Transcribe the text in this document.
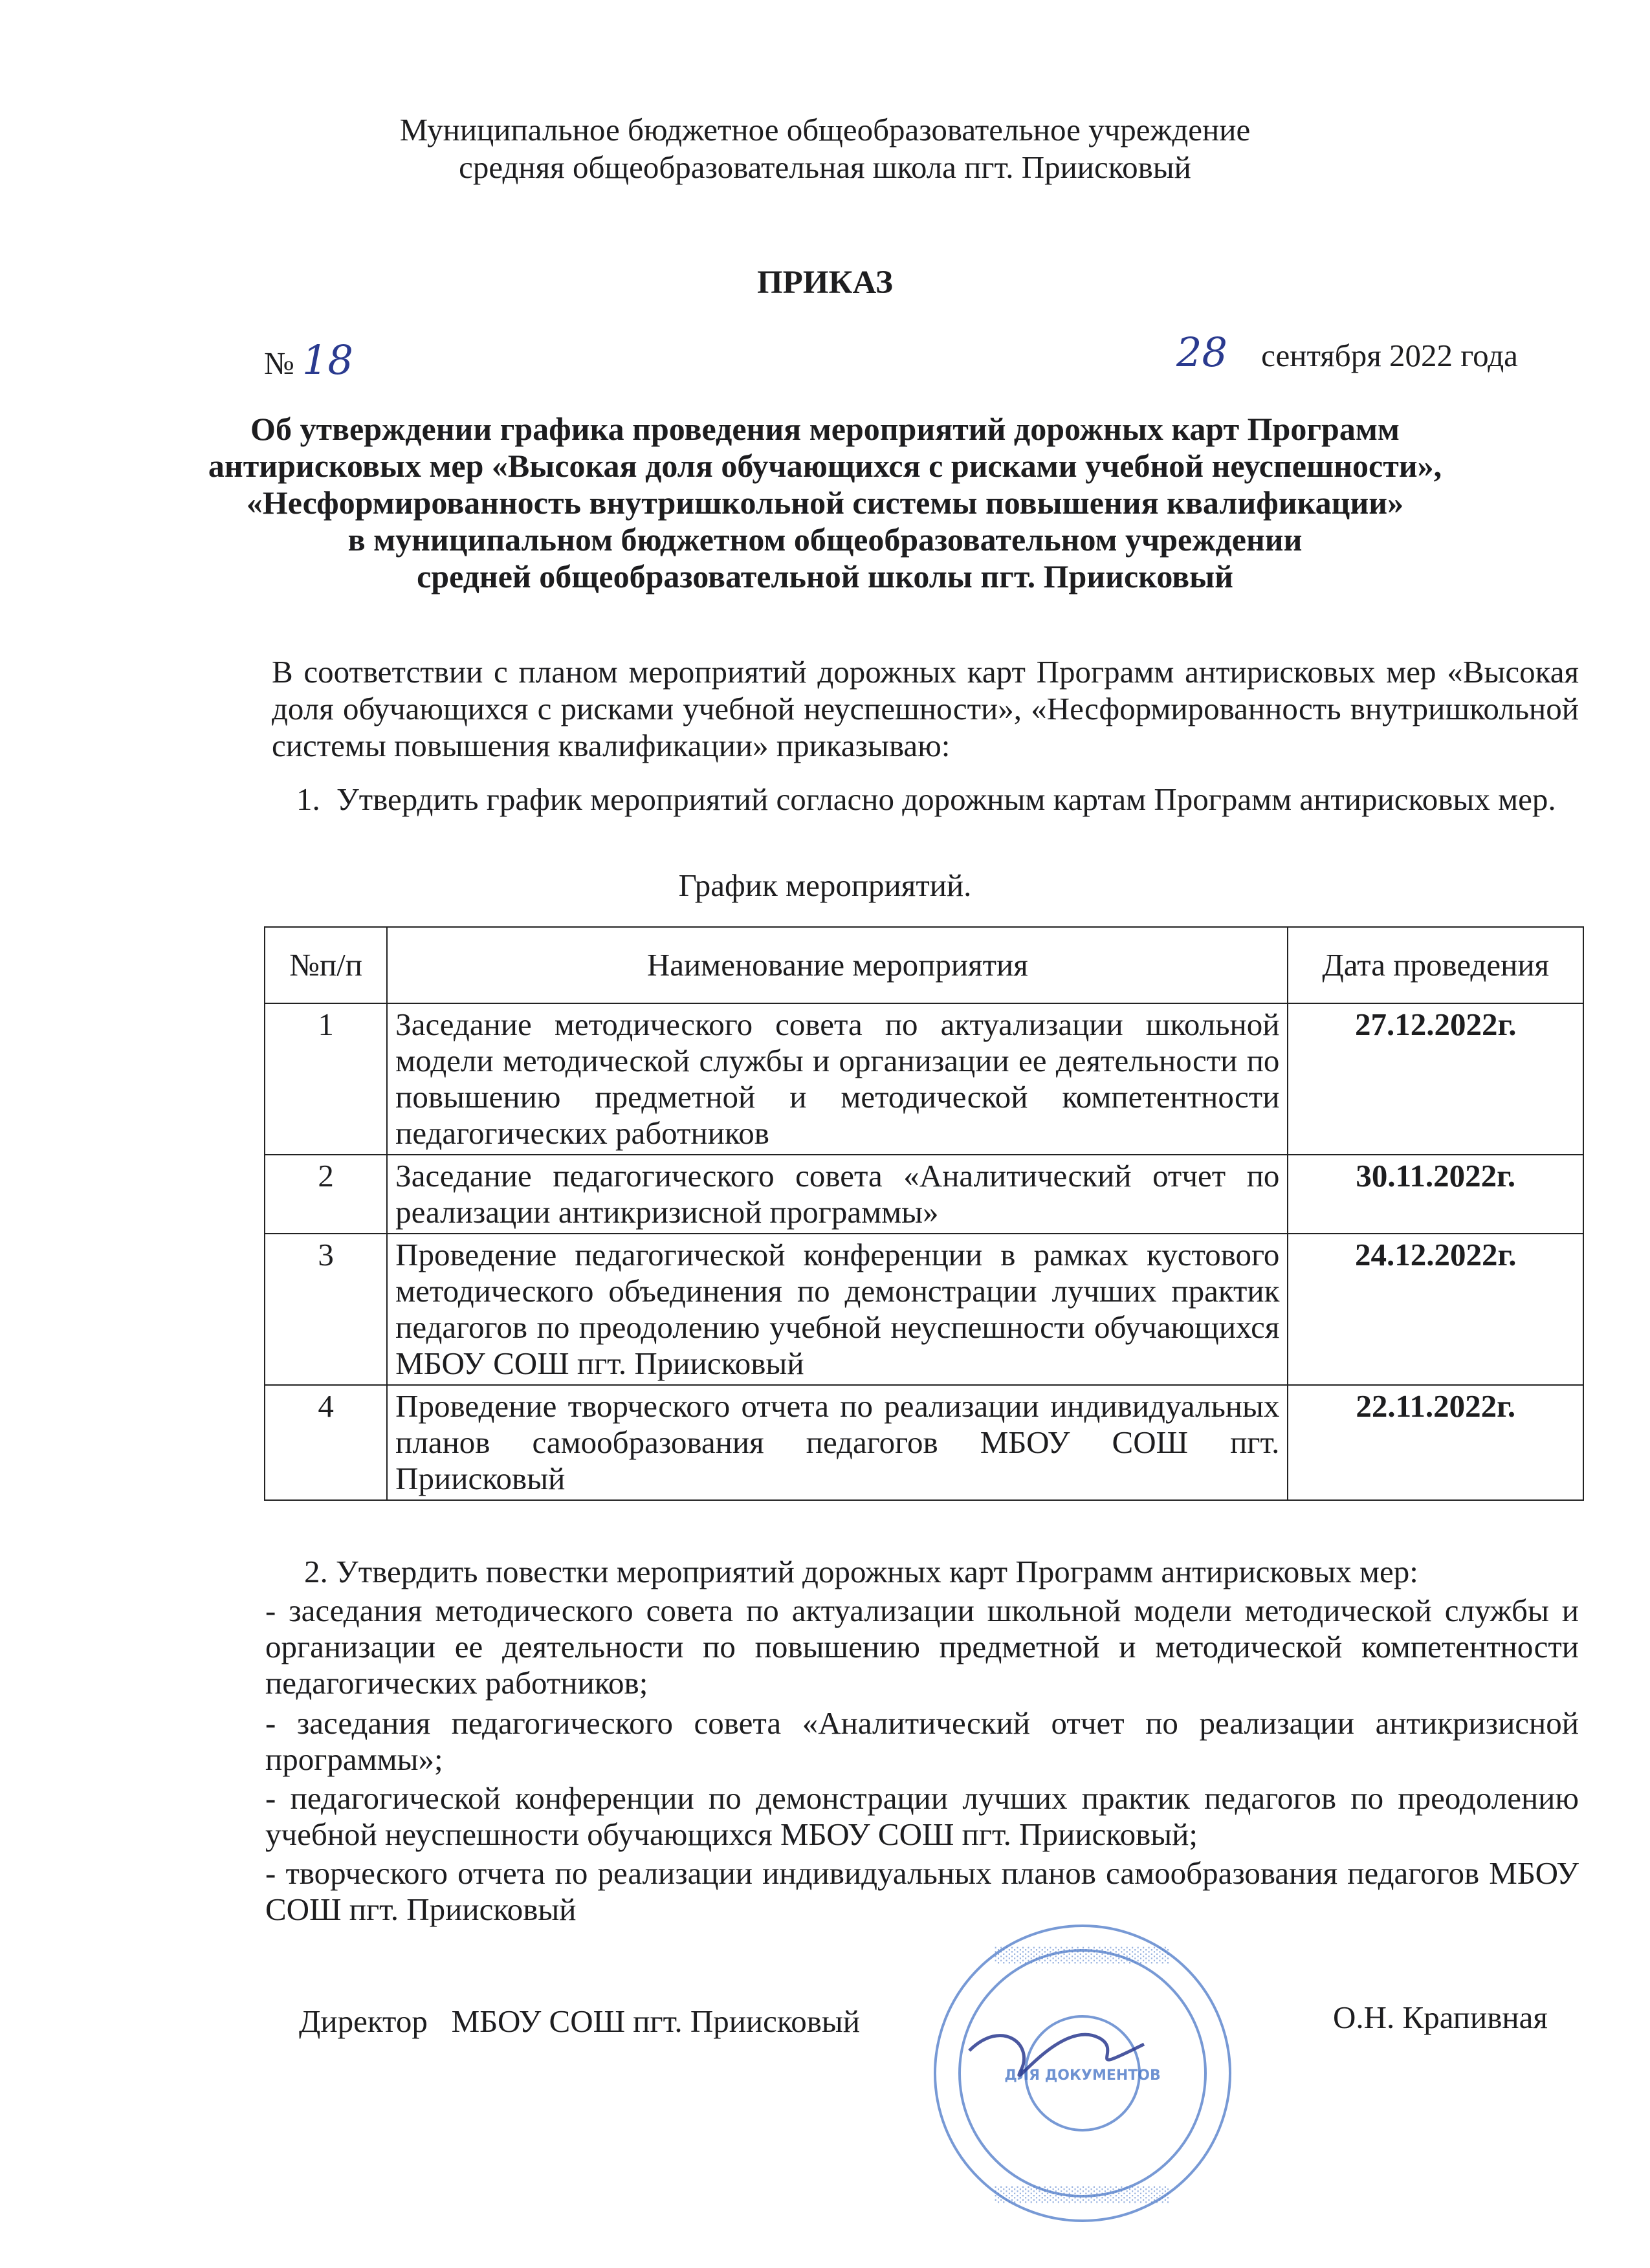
Муниципальное бюджетное общеобразовательное учреждение
средняя общеобразовательная школа пгт. Приисковый
ПРИКАЗ
№ 18	28 сентября 2022 года
Об утверждении графика проведения мероприятий дорожных карт Программ
антирисковых мер «Высокая доля обучающихся с рисками учебной неуспешности»,
«Несформированность внутришкольной системы повышения квалификации»
в муниципальном бюджетном общеобразовательном учреждении
средней общеобразовательной школы пгт. Приисковый
В соответствии с планом мероприятий дорожных карт Программ антирисковых мер «Высокая доля обучающихся с рисками учебной неуспешности», «Несформированность внутришкольной системы повышения квалификации» приказываю:
1. Утвердить график мероприятий согласно дорожным картам Программ антирисковых мер.
График мероприятий.
№п/п	Наименование мероприятия	Дата проведения
1	Заседание методического совета по актуализации школьной модели методической службы и организации ее деятельности по повышению предметной и методической компетентности педагогических работников	27.12.2022г.
2	Заседание педагогического совета «Аналитический отчет по реализации антикризисной программы»	30.11.2022г.
3	Проведение педагогической конференции в рамках кустового методического объединения по демонстрации лучших практик педагогов по преодолению учебной неуспешности обучающихся МБОУ СОШ пгт. Приисковый	24.12.2022г.
4	Проведение творческого отчета по реализации индивидуальных планов самообразования педагогов МБОУ СОШ пгт. Приисковый	22.11.2022г.
2. Утвердить повестки мероприятий дорожных карт Программ антирисковых мер:
- заседания методического совета по актуализации школьной модели методической службы и организации ее деятельности по повышению предметной и методической компетентности педагогических работников;
- заседания педагогического совета «Аналитический отчет по реализации антикризисной программы»;
- педагогической конференции по демонстрации лучших практик педагогов по преодолению учебной неуспешности обучающихся МБОУ СОШ пгт. Приисковый;
- творческого отчета по реализации индивидуальных планов самообразования педагогов МБОУ СОШ пгт. Приисковый
░░░░░░░░░░░░░░░░
░░░░░░░░░░░░░░░░
ДЛЯ ДОКУМЕНТОВ
Директор   МБОУ СОШ пгт. Приисковый	О.Н. Крапивная
